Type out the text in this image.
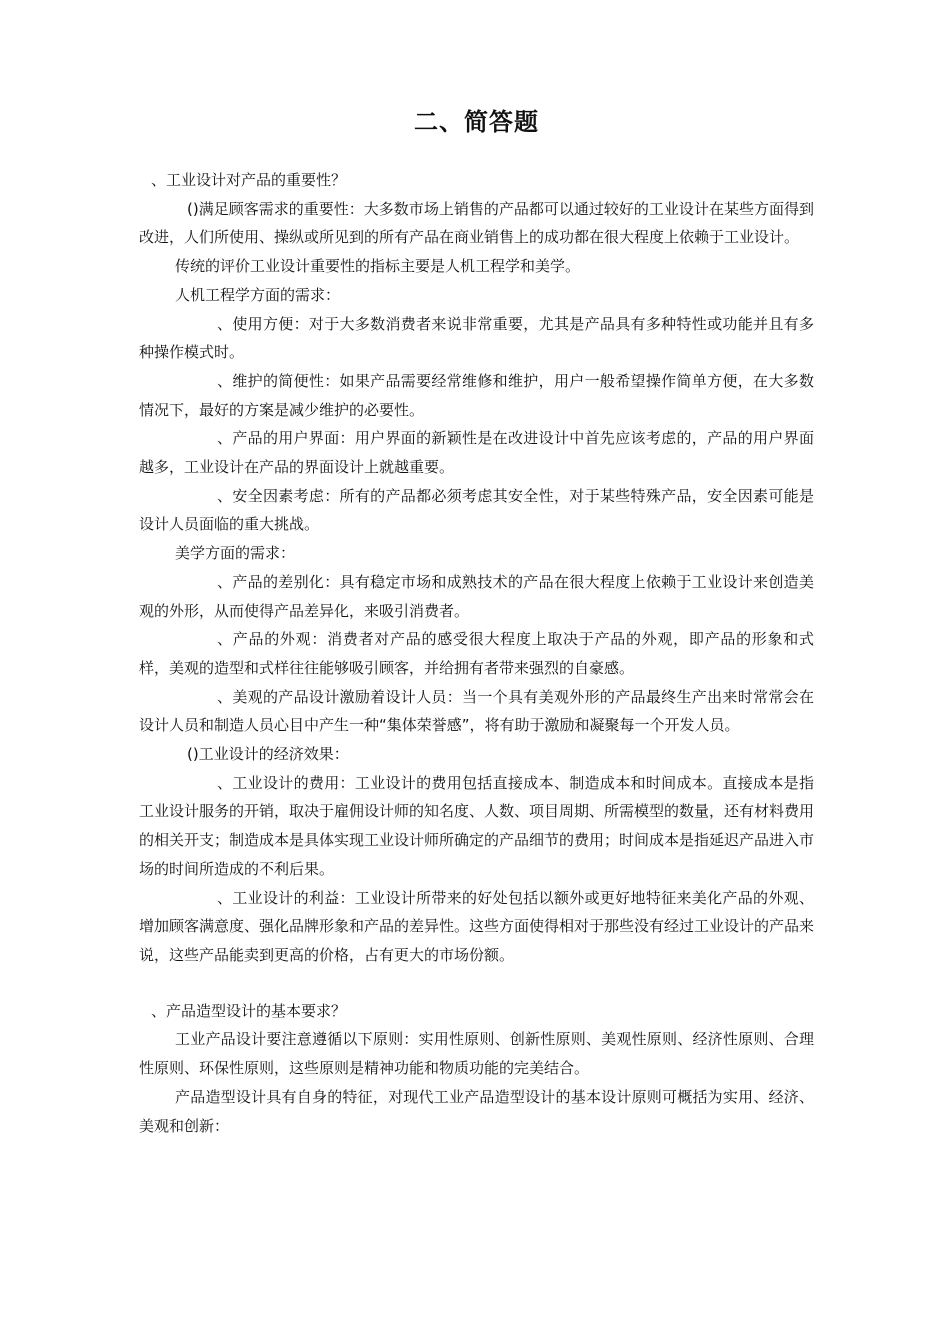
二、简答题

、工业设计对产品的重要性？

()满足顾客需求的重要性：大多数市场上销售的产品都可以通过较好的工业设计在某些方面得到改进，人们所使用、操纵或所见到的所有产品在商业销售上的成功都在很大程度上依赖于工业设计。

传统的评价工业设计重要性的指标主要是人机工程学和美学。

人机工程学方面的需求：

、使用方便：对于大多数消费者来说非常重要，尤其是产品具有多种特性或功能并且有多种操作模式时。

、维护的简便性：如果产品需要经常维修和维护，用户一般希望操作简单方便，在大多数情况下，最好的方案是减少维护的必要性。

、产品的用户界面：用户界面的新颖性是在改进设计中首先应该考虑的，产品的用户界面越多，工业设计在产品的界面设计上就越重要。

、安全因素考虑：所有的产品都必须考虑其安全性，对于某些特殊产品，安全因素可能是设计人员面临的重大挑战。

美学方面的需求：

、产品的差别化：具有稳定市场和成熟技术的产品在很大程度上依赖于工业设计来创造美观的外形，从而使得产品差异化，来吸引消费者。

、产品的外观：消费者对产品的感受很大程度上取决于产品的外观，即产品的形象和式样，美观的造型和式样往往能够吸引顾客，并给拥有者带来强烈的自豪感。

、美观的产品设计激励着设计人员：当一个具有美观外形的产品最终生产出来时常常会在设计人员和制造人员心目中产生一种“集体荣誉感”，将有助于激励和凝聚每一个开发人员。

()工业设计的经济效果：

、工业设计的费用：工业设计的费用包括直接成本、制造成本和时间成本。直接成本是指工业设计服务的开销，取决于雇佣设计师的知名度、人数、项目周期、所需模型的数量，还有材料费用的相关开支；制造成本是具体实现工业设计师所确定的产品细节的费用；时间成本是指延迟产品进入市场的时间所造成的不利后果。

、工业设计的利益：工业设计所带来的好处包括以额外或更好地特征来美化产品的外观、增加顾客满意度、强化品牌形象和产品的差异性。这些方面使得相对于那些没有经过工业设计的产品来说，这些产品能卖到更高的价格，占有更大的市场份额。

、产品造型设计的基本要求？

工业产品设计要注意遵循以下原则：实用性原则、创新性原则、美观性原则、经济性原则、合理性原则、环保性原则，这些原则是精神功能和物质功能的完美结合。

产品造型设计具有自身的特征，对现代工业产品造型设计的基本设计原则可概括为实用、经济、美观和创新：
